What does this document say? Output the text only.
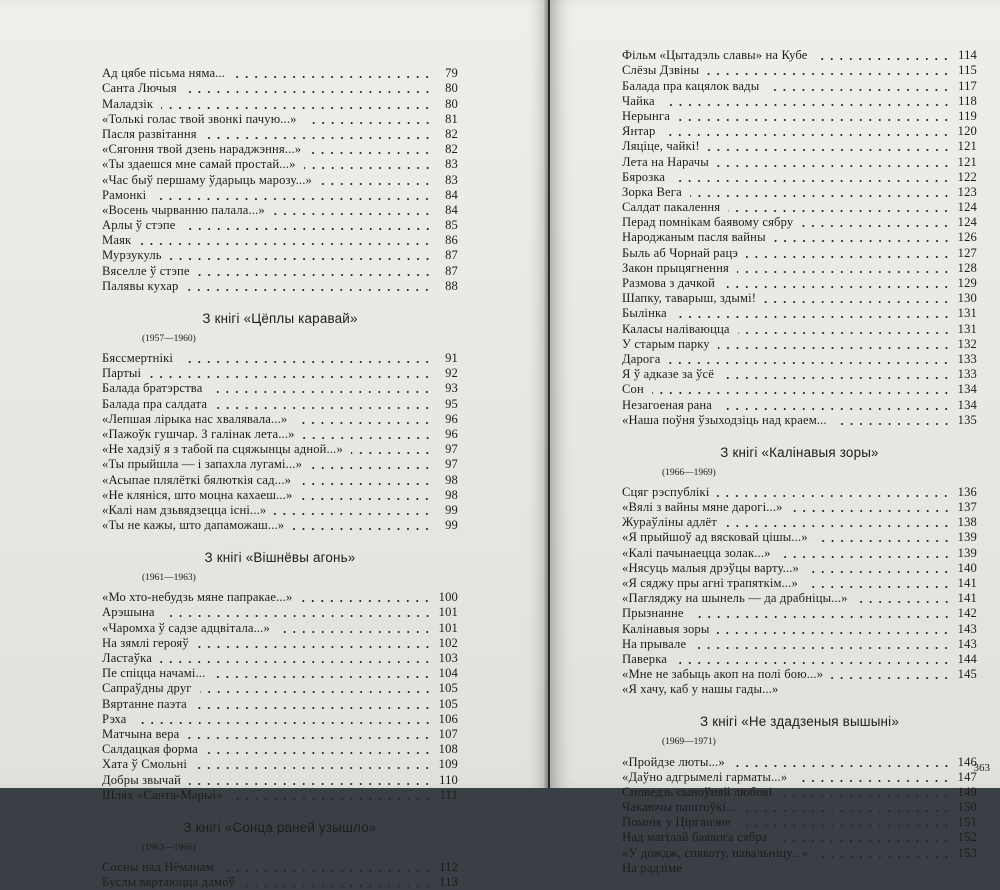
Ад цябе пісьма няма...	79
Санта Лючыя	80
Маладзік	80
«Толькі голас твой звонкі пачую...»	81
Пасля развітання	82
«Сягоння твой дзень нараджэння...»	82
«Ты здаешся мне самай простай...»	83
«Час быў першаму ўдарыць марозу...»	83
Рамонкі	84
«Восень чырванню палала...»	84
Арлы ў стэпе	85
Маяк	86
Мурзукуль	87
Вяселле ў стэпе	87
Палявы кухар	88
З кнігі «Цёплы каравай»
(1957—1960)
Бяссмертнікі	91
Партыі	92
Балада братэрства	93
Балада пра салдата	95
«Лепшая лірыка нас хвалявала...»	96
«Пажоўк гушчар. З галінак лета...»	96
«Не хадзіў я з табой па сцяжынцы адной...»	97
«Ты прыйшла — і запахла лугамі...»	97
«Асыпае плялёткі бялюткія сад...»	98
«Не кляніся, што моцна кахаеш...»	98
«Калі нам дзьвядзецца існі...»	99
«Ты не кажы, што дапаможаш...»	99
З кнігі «Вішнёвы агонь»
(1961—1963)
«Мо хто-небудзь мяне папракае...»	100
Арэшына	101
«Чаромха ў садзе адцвітала...»	101
На зямлі герояў	102
Ластаўка	103
Пе спіцца начамі...	104
Сапраўдны друг	105
Вяртанне паэта	105
Рэха	106
Матчына вера	107
Салдацкая форма	108
Хата ў Смольні	109
Добры звычай	110
Шлях «Санта-Марыі»	111
З кнігі «Сонца раней узышло»
(1963—1966)
Сосны над Нёманам	112
Буслы вяртаюцца дамоў	113
Фільм «Цытадэль славы» на Кубе	114
Слёзы Дзвіны	115
Балада пра кацялок вады	117
Чайка	118
Нерынга	119
Янтар	120
Ляціце, чайкі!	121
Лета на Нарачы	121
Бярозка	122
Зорка Вега	123
Салдат пакалення	124
Перад помнікам баявому сябру	124
Народжаным пасля вайны	126
Быль аб Чорнай рацэ	127
Закон прыцягнення	128
Размова з дачкой	129
Шапку, таварыш, здымі!	130
Былінка	131
Каласы наліваюцца	131
У старым парку	132
Дарога	133
Я ў адказе за ўсё	133
Сон	134
Незагоеная рана	134
«Наша поўня ўзыходзіць над краем...	135
З кнігі «Калінавыя зоры»
(1966—1969)
Сцяг рэспублікі	136
«Вялі з вайны мяне дарогі...»	137
Жураўліны адлёт	138
«Я прыйшоў ад вясковай цішы...»	139
«Калі пачынаецца золак...»	139
«Нясуць малыя дрэўцы варту...»	140
«Я сяджу пры агні трапяткім...»	141
«Пагляджу на шынель — да драбніцы...»	141
Прызнанне	142
Калінавыя зоры	143
На прывале	143
Паверка	144
«Мне не забыць акоп на полі бою...»	145
«Я хачу, каб у нашы гады...»
З кнігі «Не здадзеныя вышыні»
(1969—1971)
«Пройдзе люты...»	146
«Даўно адгрымелі гарматы...»	147
Споведзь сыноўняй любові	149
Чакаючы паштоўкі...	150
Помнік у Цірганэне	151
Над магілай баявога сябра	152
«У дождж, спякоту, навальніцу...»	153
На радзіме
363
